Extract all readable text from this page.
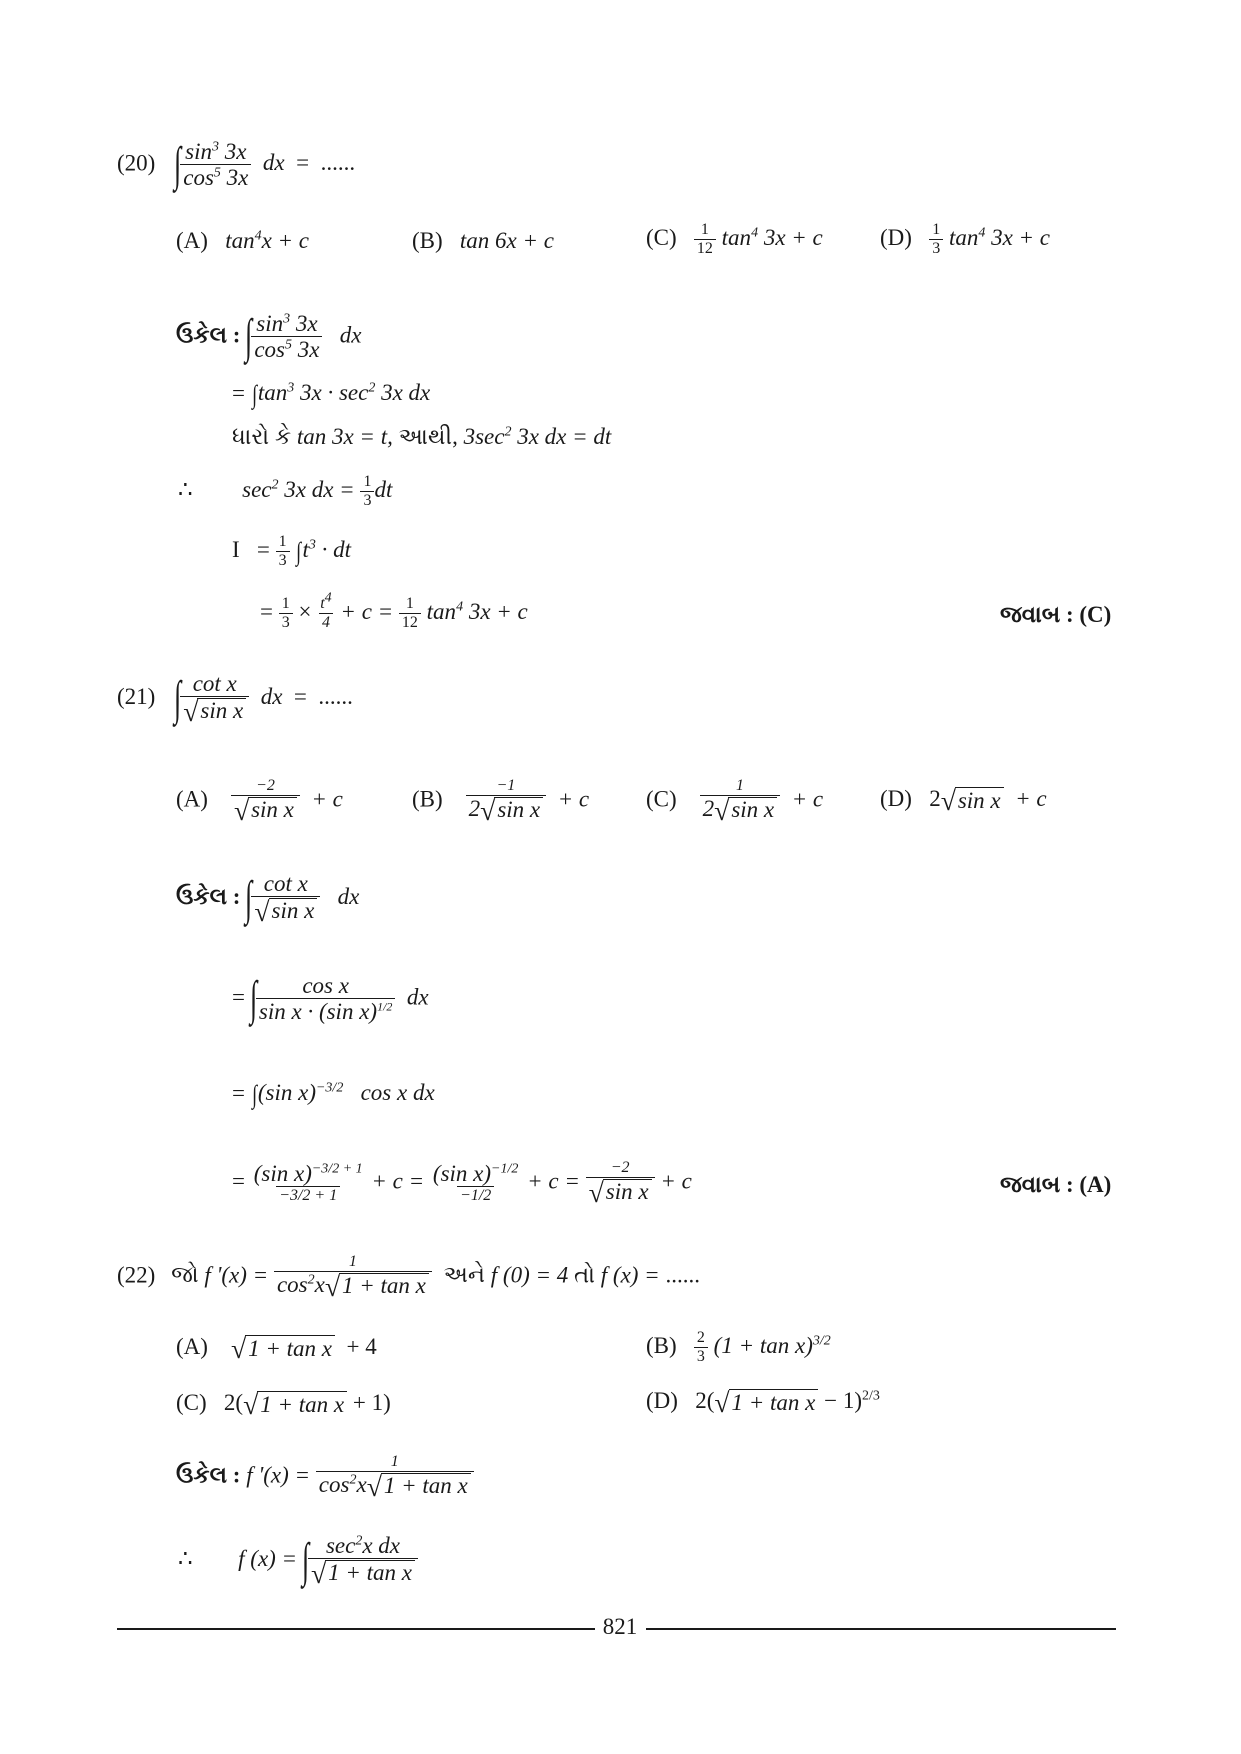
(20) ∫
$\frac{\sin^3 3x}{\cos^5 3x}$ dx  =  ......
(A) $\tan^4x + c$	(B) tan 6x + c	$(C) \frac{1}{12} \tan^4 3x + c$ $(D) \frac{1}{3} \tan^4 3x + c$
ઉકેલ : ∫
$\frac{\sin^3 3x}{\cos^5 3x}$ dx
= $\int\tan^3$ $3x \cdot \sec^2 3x$ dx
ધારો કે tan 3x = t, આથી, $3\sec^2$ 3x dx = dt
∴  $\sec^2 3x$ dx = $\frac{1}{3}$ dt
$I = \frac{1}{3} \int t^3$ · dt
= $\frac{1}{3} \times \frac{t^4}{4} + c = \frac{1}{12} \tan^4 3x + c$	જવાબ : (C)
(21) ∫
$\frac{\text{cot x}}{\text{√ sin x}}$ dx  =  ......
$(A) \frac{-2}{\text{√ sin x}} + c$	$(B) \frac{-1}{\text{2 √ sin x}} + c$ $(C) \frac{1}{\text{2 √ sin x}} + c$ (D)   2 √ sin x + c
ઉકેલ : ∫
$\frac{\text{cot x}}{\text{√ sin x}}$ dx
= ∫
$\frac{\text{cos x}}{\sin x \cdot (\sin x)^{1/2}}$ dx
= ∫(sin x)$^{-3/2}$   cos x dx
= $\frac{(\sin x)^{-3/2 + 1}}{-3/2 + 1} + c = \frac{(\sin x)^{-1/2}}{-1/2} + c = \frac{-2}{\text{√ sin x}} + c$	જવાબ : (A)
(22) જો f '$(x) = \frac{1}{\cos^2x √ 1 + \tan x}$ અને f (0) = 4 તો f (x) = ......
(A) √ 1 + tan x + 4	$(B) \frac{2}{3} (1 + \tan x)^{3/2}$
(C)   2( √ 1 + tan x + 1)	(D)   2( √ 1 + tan x − 1)$^{2/3}$
ઉકેલ : f '$(x) = \frac{1}{\cos^2x √ 1 + \tan x}$
∴  f (x) = ∫
$\frac{\sec^2x dx}{\text{√ 1 + tan x}}$
821
